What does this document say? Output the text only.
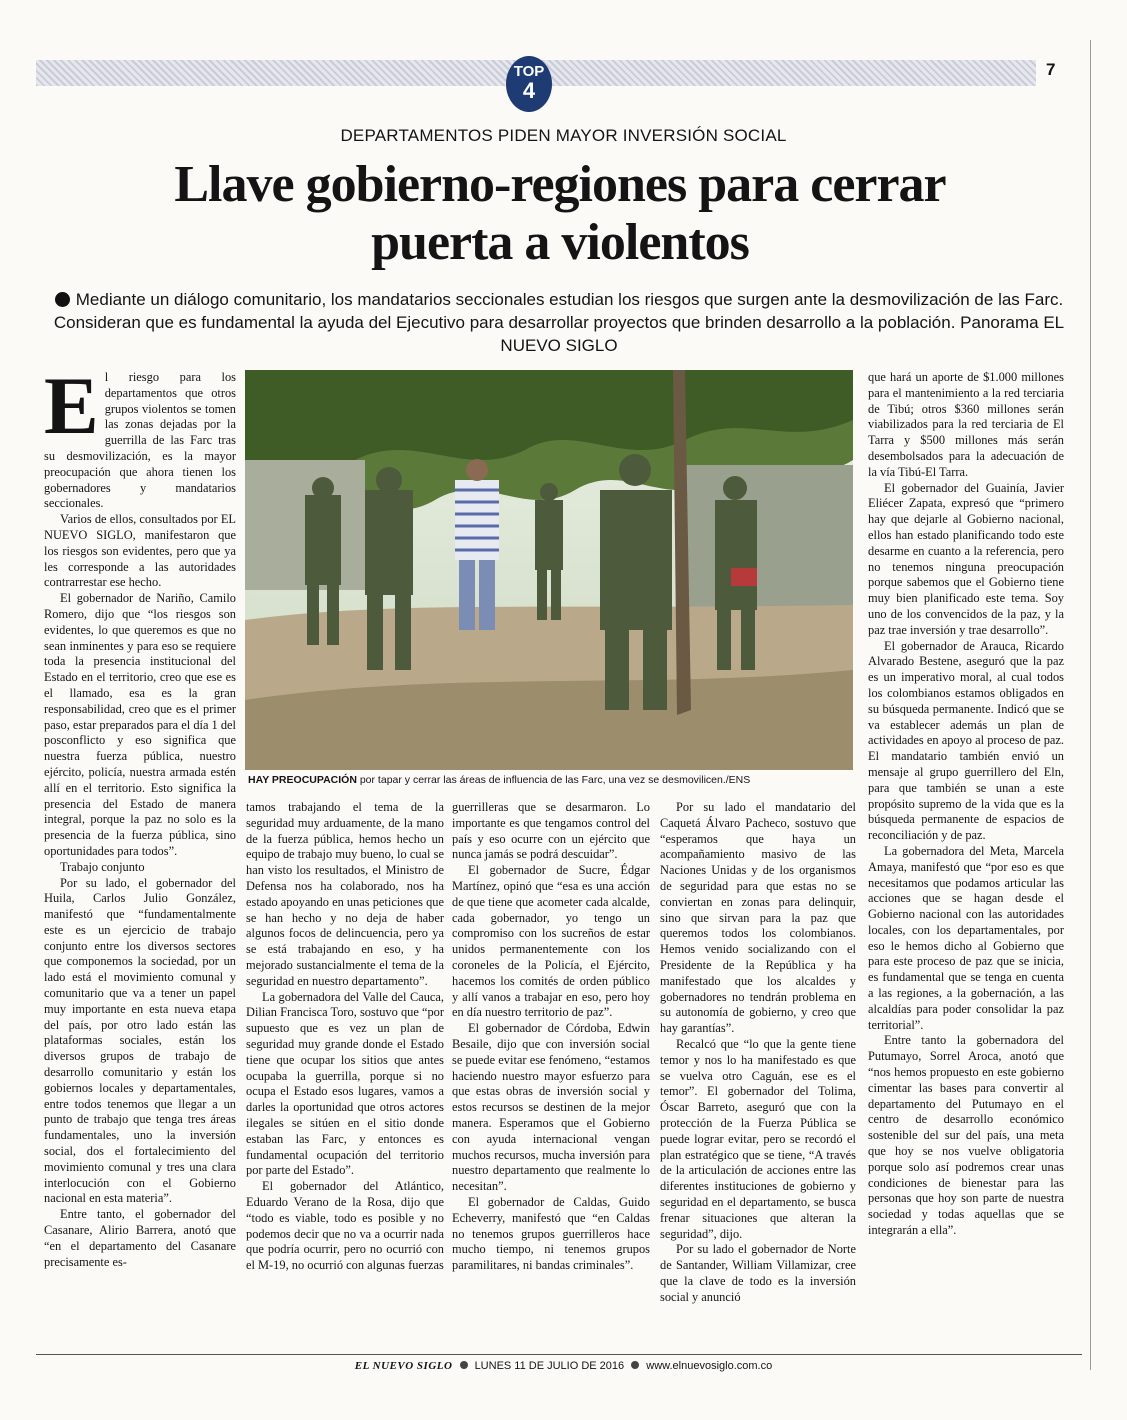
TOP
4
7
DEPARTAMENTOS PIDEN MAYOR INVERSIÓN SOCIAL
Llave gobierno-regiones para cerrar
puerta a violentos

Mediante un diálogo comunitario, los mandatarios seccionales estudian los riesgos que surgen ante la desmovilización de las Farc. Consideran que es fundamental la ayuda del Ejecutivo para desarrollar proyectos que brinden desarrollo a la población. Panorama EL NUEVO SIGLO

El riesgo para los departamentos que otros grupos violentos se tomen las zonas dejadas por la guerrilla de las Farc tras su desmovilización, es la mayor preocupación que ahora tienen los gobernadores y mandatarios seccionales.

Varios de ellos, consultados por EL NUEVO SIGLO, manifestaron que los riesgos son evidentes, pero que ya les corresponde a las autoridades contrarrestar ese hecho.

El gobernador de Nariño, Camilo Romero, dijo que “los riesgos son evidentes, lo que queremos es que no sean inminentes y para eso se requiere toda la presencia institucional del Estado en el territorio, creo que ese es el llamado, esa es la gran responsabilidad, creo que es el primer paso, estar preparados para el día 1 del posconflicto y eso significa que nuestra fuerza pública, nuestro ejército, policía, nuestra armada estén allí en el territorio. Esto significa la presencia del Estado de manera integral, porque la paz no solo es la presencia de la fuerza pública, sino oportunidades para todos”.

Trabajo conjunto

Por su lado, el gobernador del Huila, Carlos Julio González, manifestó que “fundamentalmente este es un ejercicio de trabajo conjunto entre los diversos sectores que componemos la sociedad, por un lado está el movimiento comunal y comunitario que va a tener un papel muy importante en esta nueva etapa del país, por otro lado están las plataformas sociales, están los diversos grupos de trabajo de desarrollo comunitario y están los gobiernos locales y departamentales, entre todos tenemos que llegar a un punto de trabajo que tenga tres áreas fundamentales, uno la inversión social, dos el fortalecimiento del movimiento comunal y tres una clara interlocución con el Gobierno nacional en esta materia”.

Entre tanto, el gobernador del Casanare, Alirio Barrera, anotó que “en el departamento del Casanare precisamente es-

HAY PREOCUPACIÓN por tapar y cerrar las áreas de influencia de las Farc, una vez se desmovilicen./ENS

tamos trabajando el tema de la seguridad muy arduamente, de la mano de la fuerza pública, hemos hecho un equipo de trabajo muy bueno, lo cual se han visto los resultados, el Ministro de Defensa nos ha colaborado, nos ha estado apoyando en unas peticiones que se han hecho y no deja de haber algunos focos de delincuencia, pero ya se está trabajando en eso, y ha mejorado sustancialmente el tema de la seguridad en nuestro departamento”.

La gobernadora del Valle del Cauca, Dilian Francisca Toro, sostuvo que “por supuesto que es vez un plan de seguridad muy grande donde el Estado tiene que ocupar los sitios que antes ocupaba la guerrilla, porque si no ocupa el Estado esos lugares, vamos a darles la oportunidad que otros actores ilegales se sitúen en el sitio donde estaban las Farc, y entonces es fundamental ocupación del territorio por parte del Estado”.

El gobernador del Atlántico, Eduardo Verano de la Rosa, dijo que “todo es viable, todo es posible y no podemos decir que no va a ocurrir nada que podría ocurrir, pero no ocurrió con el M-19, no ocurrió con algunas fuerzas

guerrilleras que se desarmaron. Lo importante es que tengamos control del país y eso ocurre con un ejército que nunca jamás se podrá descuidar”.

El gobernador de Sucre, Édgar Martínez, opinó que “esa es una acción de que tiene que acometer cada alcalde, cada gobernador, yo tengo un compromiso con los sucreños de estar unidos permanentemente con los coroneles de la Policía, el Ejército, hacemos los comités de orden público y allí vanos a trabajar en eso, pero hoy en día nuestro territorio de paz”.

El gobernador de Córdoba, Edwin Besaile, dijo que con inversión social se puede evitar ese fenómeno, “estamos haciendo nuestro mayor esfuerzo para que estas obras de inversión social y estos recursos se destinen de la mejor manera. Esperamos que el Gobierno con ayuda internacional vengan muchos recursos, mucha inversión para nuestro departamento que realmente lo necesitan”.

El gobernador de Caldas, Guido Echeverry, manifestó que “en Caldas no tenemos grupos guerrilleros hace mucho tiempo, ni tenemos grupos paramilitares, ni bandas criminales”.

Por su lado el mandatario del Caquetá Álvaro Pacheco, sostuvo que “esperamos que haya un acompañamiento masivo de las Naciones Unidas y de los organismos de seguridad para que estas no se conviertan en zonas para delinquir, sino que sirvan para la paz que queremos todos los colombianos. Hemos venido socializando con el Presidente de la República y ha manifestado que los alcaldes y gobernadores no tendrán problema en su autonomía de gobierno, y creo que hay garantías”.

Recalcó que “lo que la gente tiene temor y nos lo ha manifestado es que se vuelva otro Caguán, ese es el temor”. El gobernador del Tolima, Óscar Barreto, aseguró que con la protección de la Fuerza Pública se puede lograr evitar, pero se recordó el plan estratégico que se tiene, “A través de la articulación de acciones entre las diferentes instituciones de gobierno y seguridad en el departamento, se busca frenar situaciones que alteran la seguridad”, dijo.

Por su lado el gobernador de Norte de Santander, William Villamizar, cree que la clave de todo es la inversión social y anunció

que hará un aporte de $1.000 millones para el mantenimiento a la red terciaria de Tibú; otros $360 millones serán viabilizados para la red terciaria de El Tarra y $500 millones más serán desembolsados para la adecuación de la vía Tibú-El Tarra.

El gobernador del Guainía, Javier Eliécer Zapata, expresó que “primero hay que dejarle al Gobierno nacional, ellos han estado planificando todo este desarme en cuanto a la referencia, pero no tenemos ninguna preocupación porque sabemos que el Gobierno tiene muy bien planificado este tema. Soy uno de los convencidos de la paz, y la paz trae inversión y trae desarrollo”.

El gobernador de Arauca, Ricardo Alvarado Bestene, aseguró que la paz es un imperativo moral, al cual todos los colombianos estamos obligados en su búsqueda permanente. Indicó que se va establecer además un plan de actividades en apoyo al proceso de paz. El mandatario también envió un mensaje al grupo guerrillero del Eln, para que también se unan a este propósito supremo de la vida que es la búsqueda permanente de espacios de reconciliación y de paz.

La gobernadora del Meta, Marcela Amaya, manifestó que “por eso es que necesitamos que podamos articular las acciones que se hagan desde el Gobierno nacional con las autoridades locales, con los departamentales, por eso le hemos dicho al Gobierno que para este proceso de paz que se inicia, es fundamental que se tenga en cuenta a las regiones, a la gobernación, a las alcaldías para poder consolidar la paz territorial”.

Entre tanto la gobernadora del Putumayo, Sorrel Aroca, anotó que “nos hemos propuesto en este gobierno cimentar las bases para convertir al departamento del Putumayo en el centro de desarrollo económico sostenible del sur del país, una meta que hoy se nos vuelve obligatoria porque solo así podremos crear unas condiciones de bienestar para las personas que hoy son parte de nuestra sociedad y todas aquellas que se integrarán a ella”.

EL NUEVO SIGLO LUNES 11 DE JULIO DE 2016 www.elnuevosiglo.com.co
